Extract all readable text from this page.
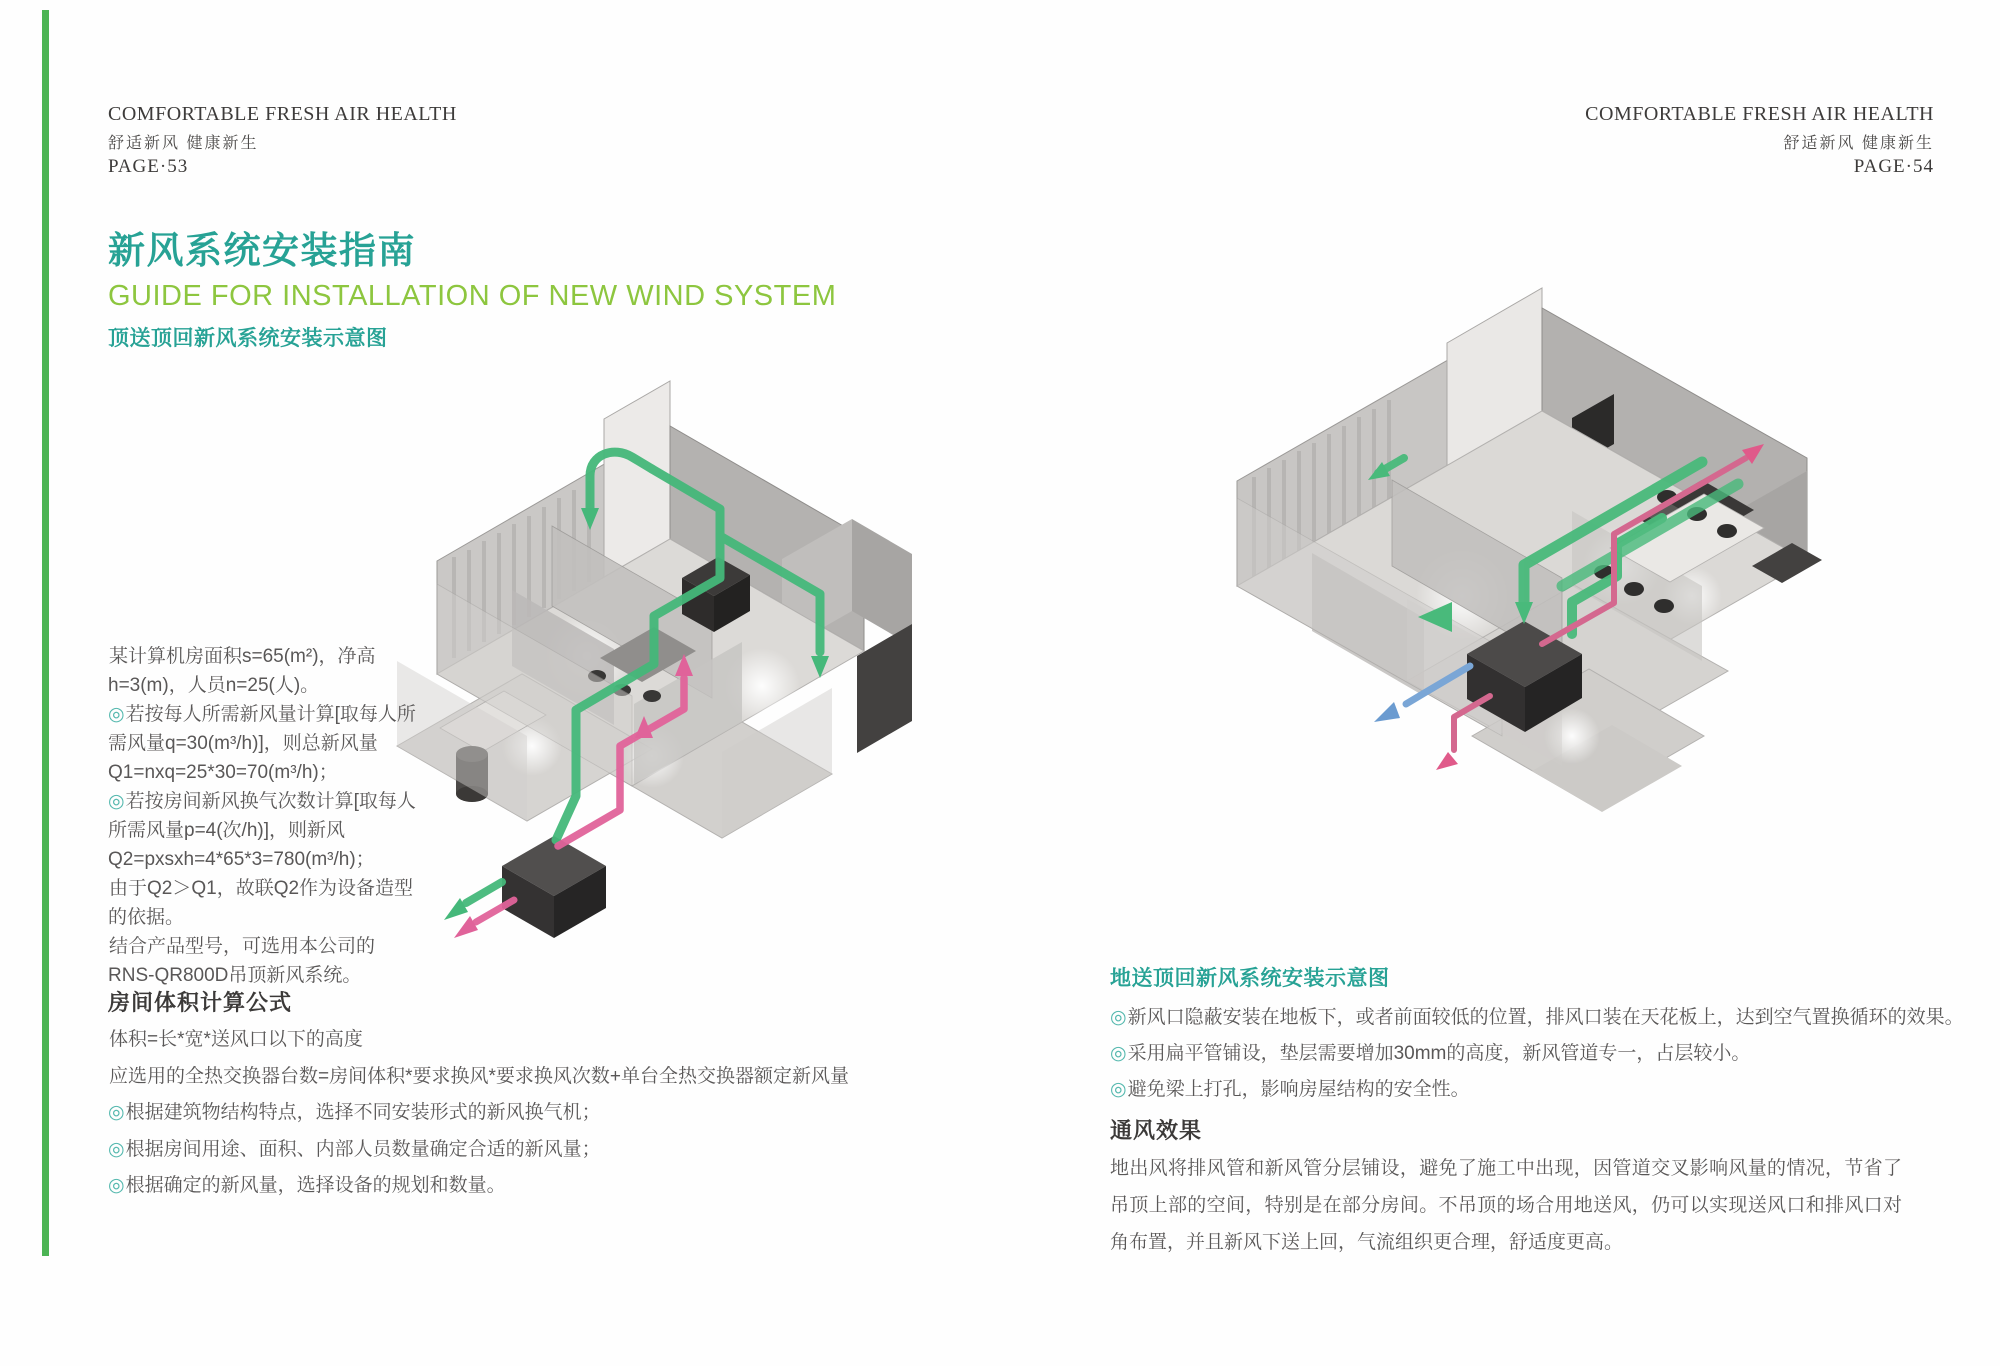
COMFORTABLE FRESH AIR HEALTH
舒适新风 健康新生
PAGE·53
COMFORTABLE FRESH AIR HEALTH
舒适新风 健康新生
PAGE·54
新风系统安装指南
GUIDE FOR INSTALLATION OF NEW WIND SYSTEM
顶送顶回新风系统安装示意图
某计算机房面积s=65(m²)，净高h=3(m)，人员n=25(人)。
◎若按每人所需新风量计算[取每人所需风量q=30(m³/h)]，则总新风量Q1=nxq=25*30=70(m³/h)；
◎若按房间新风换气次数计算[取每人所需风量p=4(次/h)]，则新风Q2=pxsxh=4*65*3=780(m³/h)；
由于Q2＞Q1，故联Q2作为设备造型的依据。
结合产品型号，可选用本公司的RNS-QR800D吊顶新风系统。
房间体积计算公式
体积=长*宽*送风口以下的高度
应选用的全热交换器台数=房间体积*要求换风*要求换风次数+单台全热交换器额定新风量
◎根据建筑物结构特点，选择不同安装形式的新风换气机；
◎根据房间用途、面积、内部人员数量确定合适的新风量；
◎根据确定的新风量，选择设备的规划和数量。
地送顶回新风系统安装示意图
◎新风口隐蔽安装在地板下，或者前面较低的位置，排风口装在天花板上，达到空气置换循环的效果。
◎采用扁平管铺设，垫层需要增加30mm的高度，新风管道专一，占层较小。
◎避免梁上打孔，影响房屋结构的安全性。
通风效果
地出风将排风管和新风管分层铺设，避免了施工中出现，因管道交叉影响风量的情况，节省了吊顶上部的空间，特别是在部分房间。不吊顶的场合用地送风，仍可以实现送风口和排风口对角布置，并且新风下送上回，气流组织更合理，舒适度更高。
